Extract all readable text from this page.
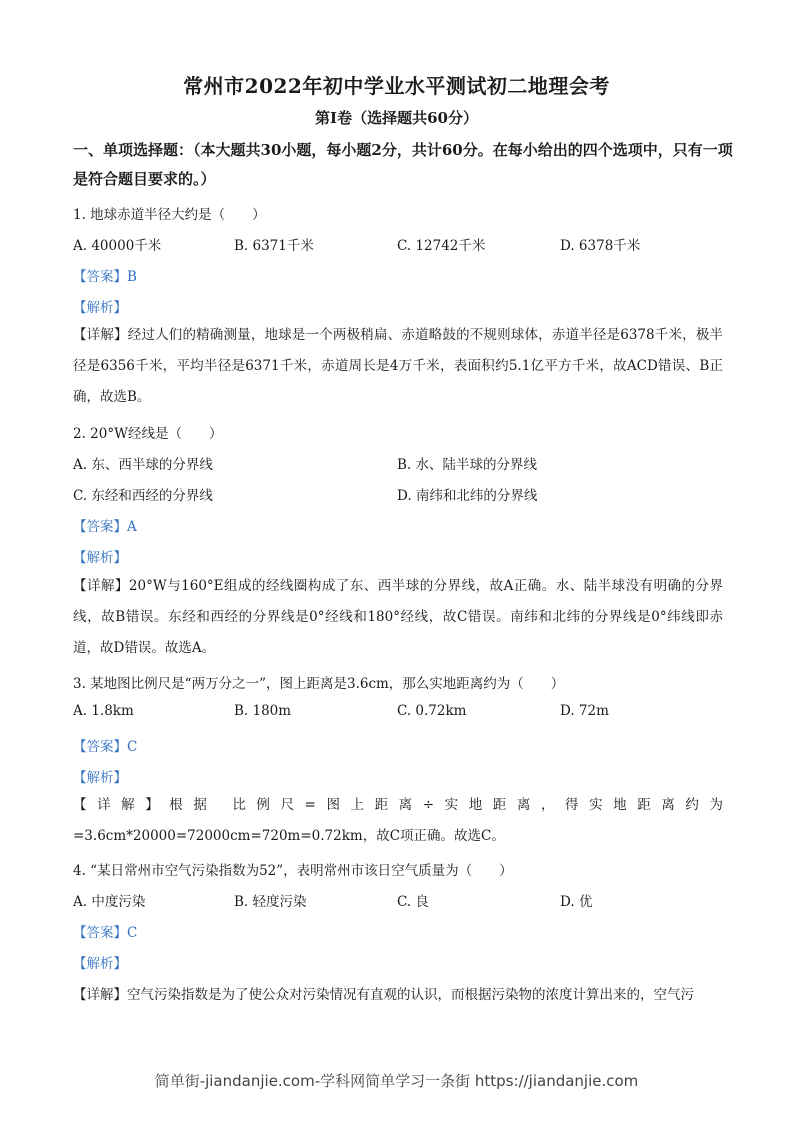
常州市2022年初中学业水平测试初二地理会考
第Ⅰ卷（选择题共60分）
一、单项选择题：（本大题共30小题，每小题2分，共计60分。在每小给出的四个选项中，只有一项是符合题目要求的。）
1. 地球赤道半径大约是（　　）
A. 40000千米	B. 6371千米	C. 12742千米	D. 6378千米
【答案】B
【解析】
【详解】经过人们的精确测量，地球是一个两极稍扁、赤道略鼓的不规则球体，赤道半径是6378千米，极半径是6356千米，平均半径是6371千米，赤道周长是4万千米，表面积约5.1亿平方千米，故ACD错误、B正确，故选B。
2. 20°W经线是（　　）
A. 东、西半球的分界线	B. 水、陆半球的分界线
C. 东经和西经的分界线	D. 南纬和北纬的分界线
【答案】A
【解析】
【详解】20°W与160°E组成的经线圈构成了东、西半球的分界线，故A正确。水、陆半球没有明确的分界线，故B错误。东经和西经的分界线是0°经线和180°经线，故C错误。南纬和北纬的分界线是0°纬线即赤道，故D错误。故选A。
3. 某地图比例尺是“两万分之一”，图上距离是3.6cm，那么实地距离约为（　　）
A. 1.8km	B. 180m	C. 0.72km	D. 72m
【答案】C
【解析】
【详解】根据 比例尺=图上距离÷实地距离，得实地距离约为=3.6cm*20000=72000cm=720m=0.72km，故C项正确。故选C。
4. “某日常州市空气污染指数为52”，表明常州市该日空气质量为（　　）
A. 中度污染	B. 轻度污染	C. 良	D. 优
【答案】C
【解析】
【详解】空气污染指数是为了使公众对污染情况有直观的认识，而根据污染物的浓度计算出来的，空气污
简单街-jiandanjie.com-学科网简单学习一条街 https://jiandanjie.com
